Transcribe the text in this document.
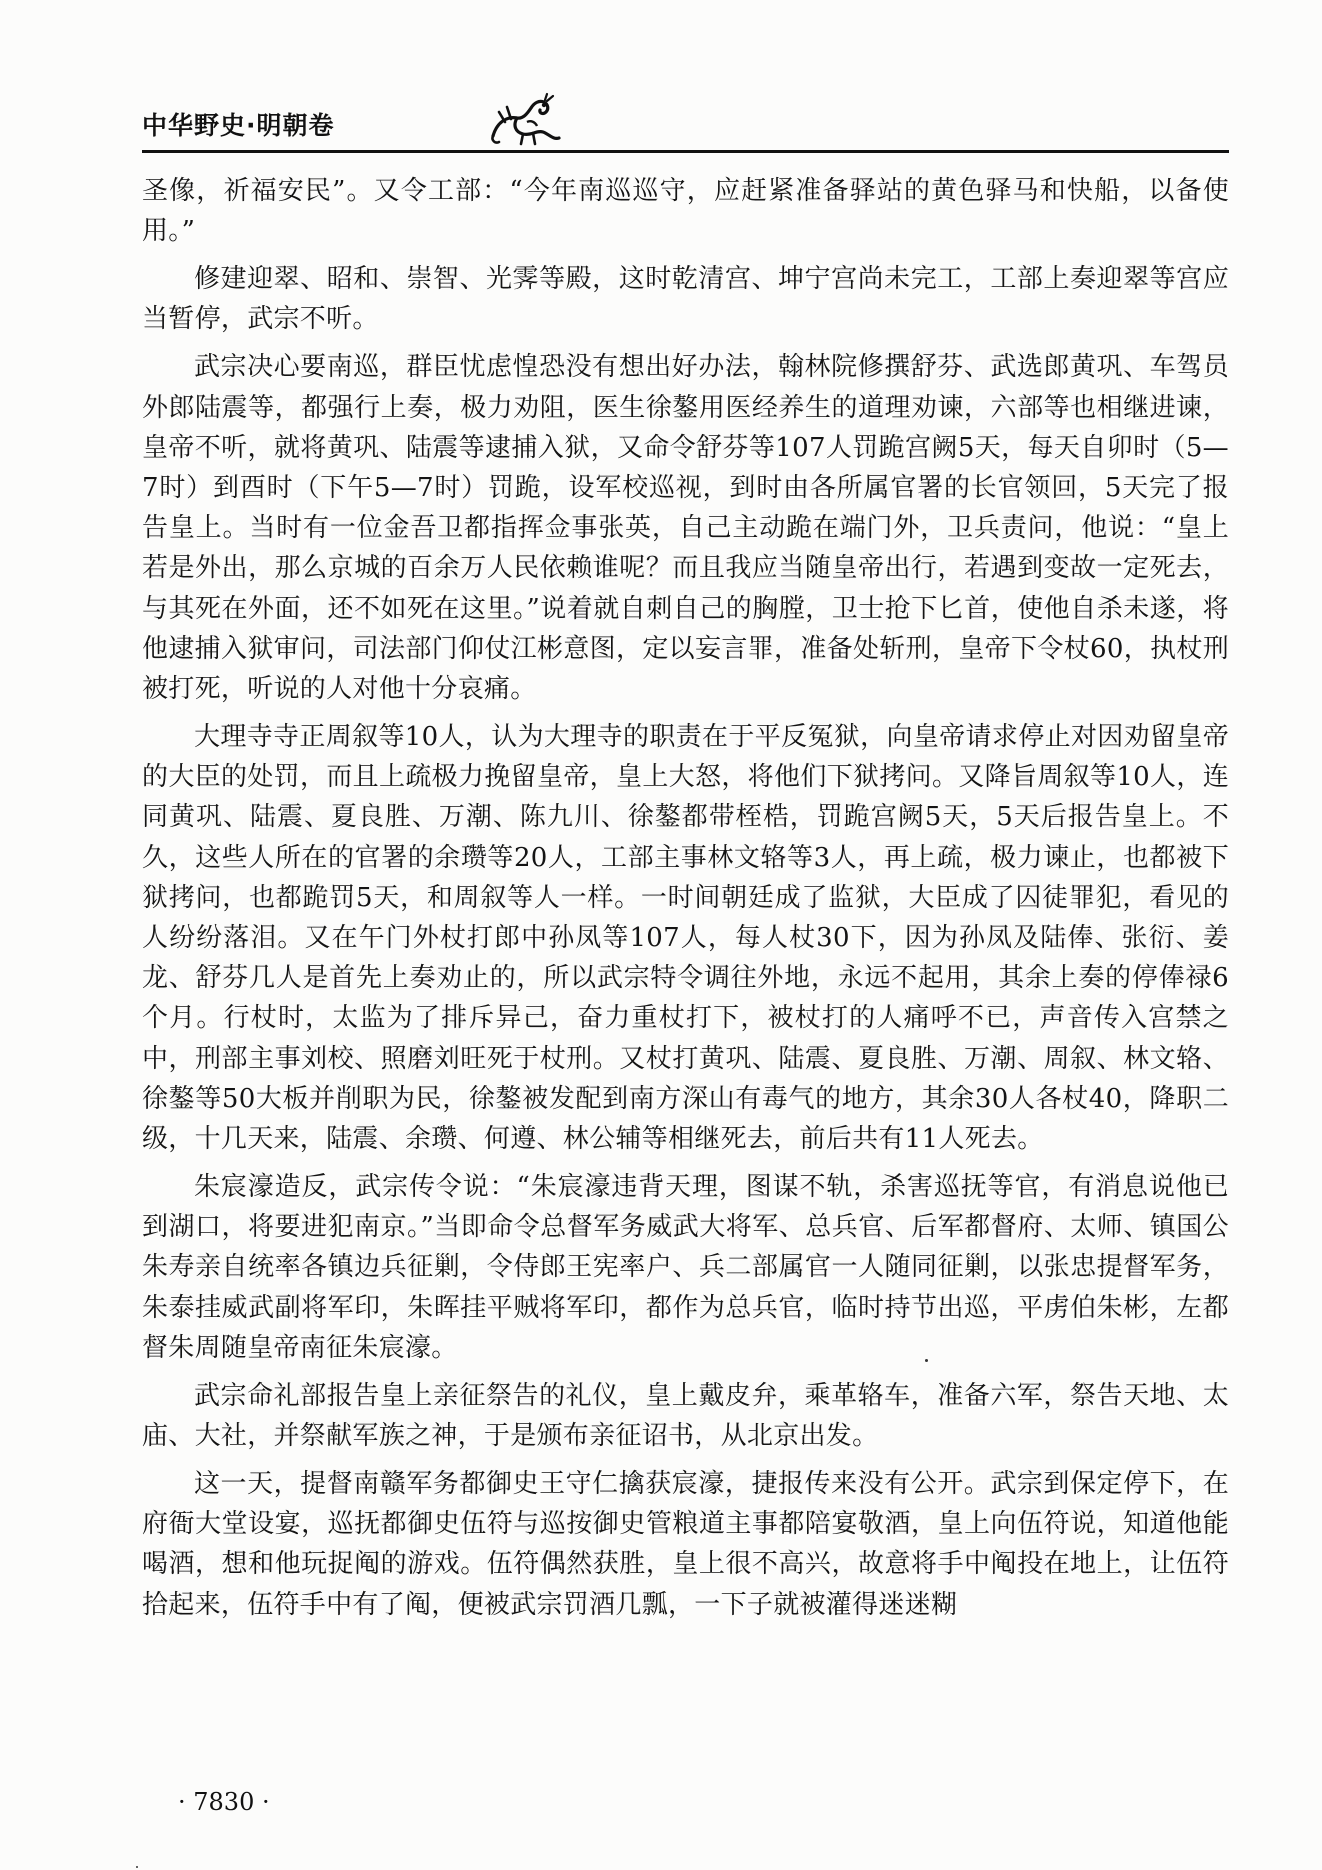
中华野史·明朝卷

圣像，祈福安民”。又令工部：“今年南巡巡守，应赶紧准备驿站的黄色驿马和快船，以备使用。”

修建迎翠、昭和、崇智、光霁等殿，这时乾清宫、坤宁宫尚未完工，工部上奏迎翠等宫应当暂停，武宗不听。

武宗决心要南巡，群臣忧虑惶恐没有想出好办法，翰林院修撰舒芬、武选郎黄巩、车驾员外郎陆震等，都强行上奏，极力劝阻，医生徐鏊用医经养生的道理劝谏，六部等也相继进谏，皇帝不听，就将黄巩、陆震等逮捕入狱，又命令舒芬等107人罚跪宫阙5天，每天自卯时（5—7时）到酉时（下午5—7时）罚跪，设军校巡视，到时由各所属官署的长官领回，5天完了报告皇上。当时有一位金吾卫都指挥佥事张英，自己主动跪在端门外，卫兵责问，他说：“皇上若是外出，那么京城的百余万人民依赖谁呢？而且我应当随皇帝出行，若遇到变故一定死去，与其死在外面，还不如死在这里。”说着就自刺自己的胸膛，卫士抢下匕首，使他自杀未遂，将他逮捕入狱审问，司法部门仰仗江彬意图，定以妄言罪，准备处斩刑，皇帝下令杖60，执杖刑被打死，听说的人对他十分哀痛。

大理寺寺正周叙等10人，认为大理寺的职责在于平反冤狱，向皇帝请求停止对因劝留皇帝的大臣的处罚，而且上疏极力挽留皇帝，皇上大怒，将他们下狱拷问。又降旨周叙等10人，连同黄巩、陆震、夏良胜、万潮、陈九川、徐鏊都带桎梏，罚跪宫阙5天，5天后报告皇上。不久，这些人所在的官署的余瓒等20人，工部主事林文辂等3人，再上疏，极力谏止，也都被下狱拷问，也都跪罚5天，和周叙等人一样。一时间朝廷成了监狱，大臣成了囚徒罪犯，看见的人纷纷落泪。又在午门外杖打郎中孙凤等107人，每人杖30下，因为孙凤及陆俸、张衍、姜龙、舒芬几人是首先上奏劝止的，所以武宗特令调往外地，永远不起用，其余上奏的停俸禄6个月。行杖时，太监为了排斥异己，奋力重杖打下，被杖打的人痛呼不已，声音传入宫禁之中，刑部主事刘校、照磨刘旺死于杖刑。又杖打黄巩、陆震、夏良胜、万潮、周叙、林文辂、徐鏊等50大板并削职为民，徐鏊被发配到南方深山有毒气的地方，其余30人各杖40，降职二级，十几天来，陆震、余瓒、何遵、林公辅等相继死去，前后共有11人死去。

朱宸濠造反，武宗传令说：“朱宸濠违背天理，图谋不轨，杀害巡抚等官，有消息说他已到湖口，将要进犯南京。”当即命令总督军务威武大将军、总兵官、后军都督府、太师、镇国公朱寿亲自统率各镇边兵征剿，令侍郎王宪率户、兵二部属官一人随同征剿，以张忠提督军务，朱泰挂威武副将军印，朱晖挂平贼将军印，都作为总兵官，临时持节出巡，平虏伯朱彬，左都督朱周随皇帝南征朱宸濠。

武宗命礼部报告皇上亲征祭告的礼仪，皇上戴皮弁，乘革辂车，准备六军，祭告天地、太庙、大社，并祭献军族之神，于是颁布亲征诏书，从北京出发。

这一天，提督南赣军务都御史王守仁擒获宸濠，捷报传来没有公开。武宗到保定停下，在府衙大堂设宴，巡抚都御史伍符与巡按御史管粮道主事都陪宴敬酒，皇上向伍符说，知道他能喝酒，想和他玩捉阄的游戏。伍符偶然获胜，皇上很不高兴，故意将手中阄投在地上，让伍符拾起来，伍符手中有了阄，便被武宗罚酒几瓢，一下子就被灌得迷迷糊

· 7830 ·
